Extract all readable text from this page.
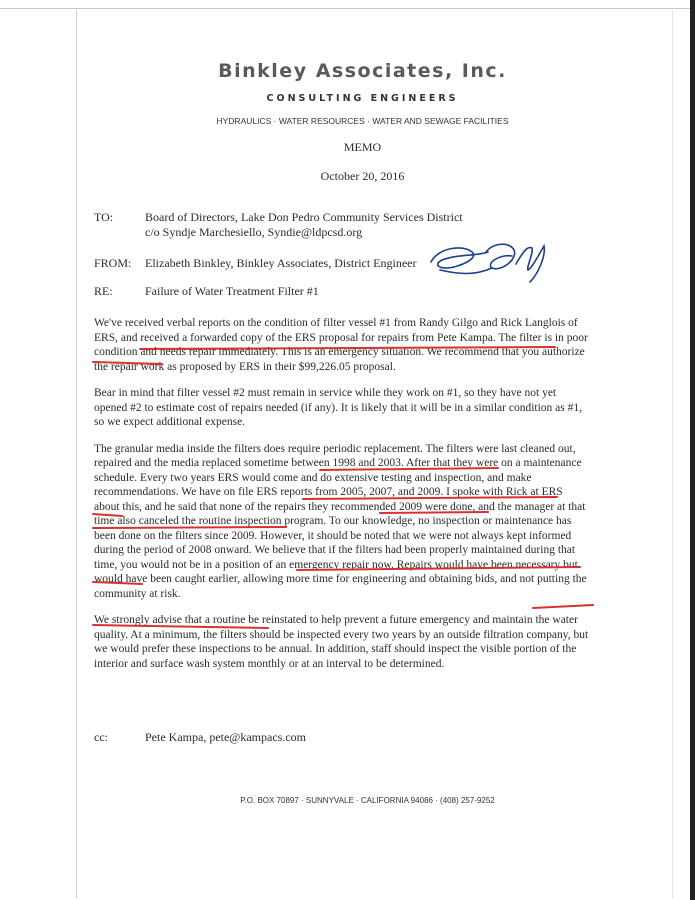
Binkley Associates, Inc.
CONSULTING ENGINEERS
HYDRAULICS · WATER RESOURCES · WATER AND SEWAGE FACILITIES
MEMO
October 20, 2016
TO:	Board of Directors, Lake Don Pedro Community Services District
c/o Syndje Marchesiello, Syndie@ldpcsd.org
FROM: Elizabeth Binkley, Binkley Associates, District Engineer
RE:	Failure of Water Treatment Filter #1

We've received verbal reports on the condition of filter vessel #1 from Randy Gilgo and Rick Langlois of ERS, and received a forwarded copy of the ERS proposal for repairs from Pete Kampa. The filter is in poor condition and needs repair immediately. This is an emergency situation. We recommend that you authorize the repair work as proposed by ERS in their $99,226.05 proposal.

Bear in mind that filter vessel #2 must remain in service while they work on #1, so they have not yet opened #2 to estimate cost of repairs needed (if any). It is likely that it will be in a similar condition as #1, so we expect additional expense.

The granular media inside the filters does require periodic replacement. The filters were last cleaned out, repaired and the media replaced sometime between 1998 and 2003. After that they were on a maintenance schedule. Every two years ERS would come and do extensive testing and inspection, and make recommendations. We have on file ERS reports from 2005, 2007, and 2009. I spoke with Rick at ERS about this, and he said that none of the repairs they recommended 2009 were done, and the manager at that time also canceled the routine inspection program. To our knowledge, no inspection or maintenance has been done on the filters since 2009. However, it should be noted that we were not always kept informed during the period of 2008 onward. We believe that if the filters had been properly maintained during that time, you would not be in a position of an emergency repair now. Repairs would have been necessary but would have been caught earlier, allowing more time for engineering and obtaining bids, and not putting the community at risk.

We strongly advise that a routine be reinstated to help prevent a future emergency and maintain the water quality. At a minimum, the filters should be inspected every two years by an outside filtration company, but we would prefer these inspections to be annual. In addition, staff should inspect the visible portion of the interior and surface wash system monthly or at an interval to be determined.

cc:	Pete Kampa, pete@kampacs.com
P.O. BOX 70897 · SUNNYVALE · CALIFORNIA 94086 · (408) 257-9252
